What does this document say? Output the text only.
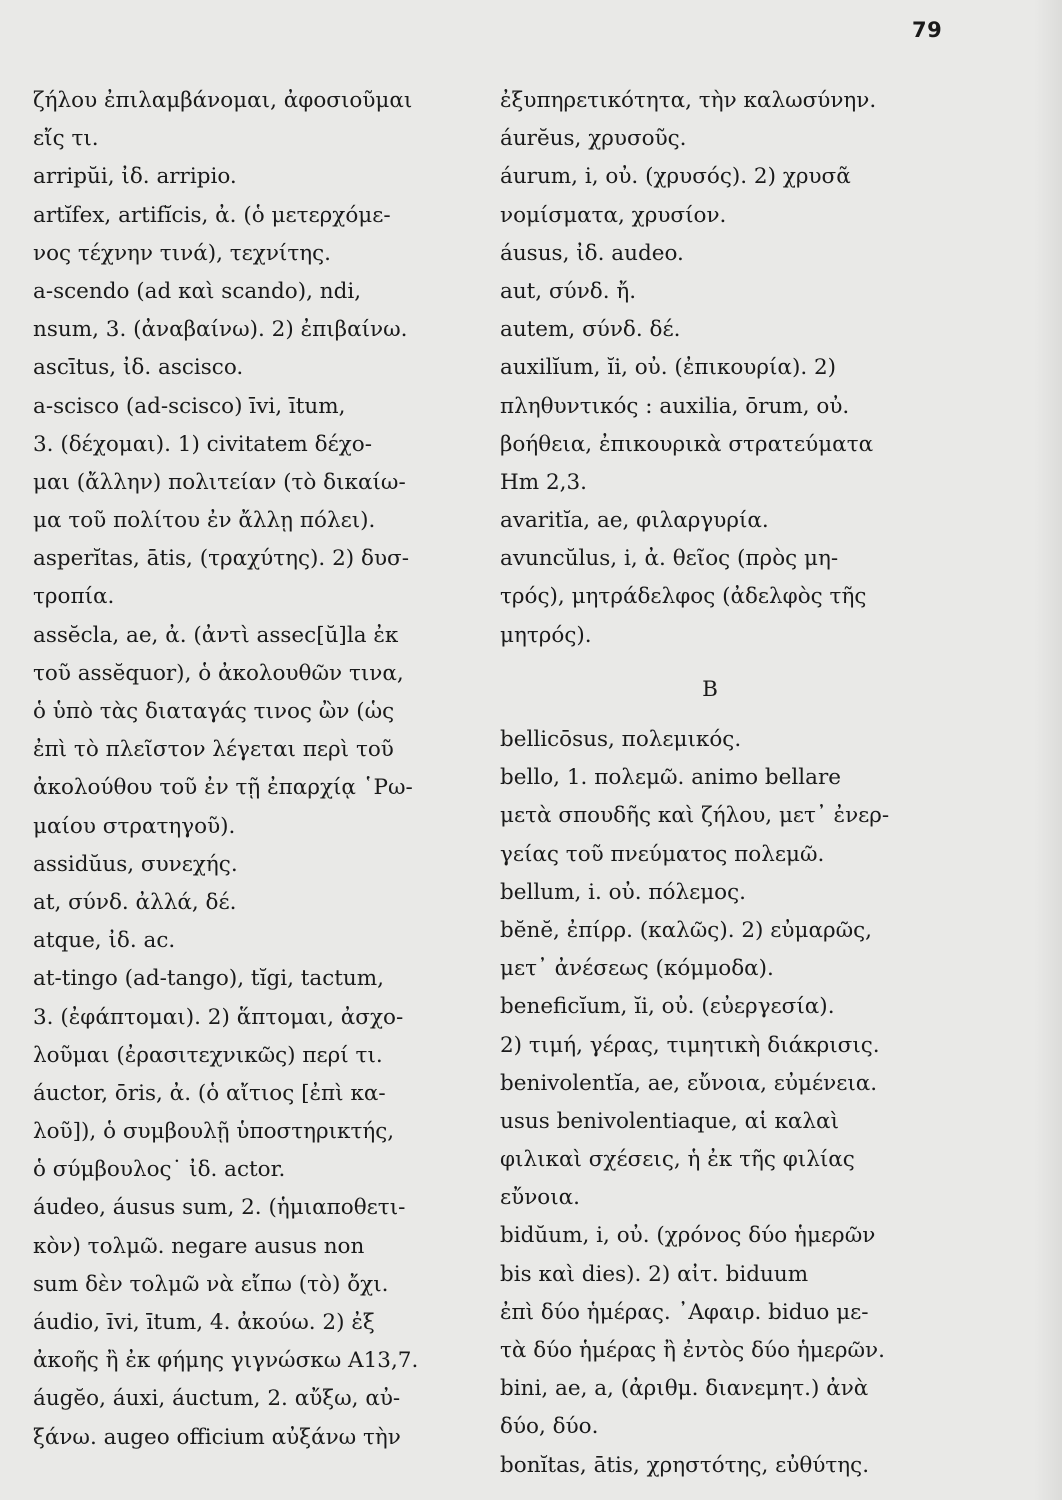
79
ζήλου ἐπιλαμβάνομαι, ἀφοσιοῦμαι
εἴς τι.
arripŭi, ἰδ. arripio.
artĭfex, artifĭcis, ἀ. (ὁ μετερχόμε-
νος τέχνην τινά), τεχνίτης.
a-scendo (ad καὶ scando), ndi,
nsum, 3. (ἀναβαίνω). 2) ἐπιβαίνω.
ascītus, ἰδ. ascisco.
a-scisco (ad-scisco) īvi, ītum,
3. (δέχομαι). 1) civitatem δέχο-
μαι (ἄλλην) πολιτείαν (τὸ δικαίω-
μα τοῦ πολίτου ἐν ἄλλῃ πόλει).
asperĭtas, ātis, (τραχύτης). 2) δυσ-
τροπία.
assĕcla, ae, ἀ. (ἀντὶ assec[ŭ]la ἐκ
τοῦ assĕquor), ὁ ἀκολουθῶν τινα,
ὁ ὑπὸ τὰς διαταγάς τινος ὢν (ὡς
ἐπὶ τὸ πλεῖστον λέγεται περὶ τοῦ
ἀκολούθου τοῦ ἐν τῇ ἐπαρχίᾳ ῾Ρω-
μαίου στρατηγοῦ).
assidŭus, συνεχής.
at, σύνδ. ἀλλά, δέ.
atque, ἰδ. ac.
at-tingo (ad-tango), tĭgi, tactum,
3. (ἐφάπτομαι). 2) ἅπτομαι, ἀσχο-
λοῦμαι (ἐρασιτεχνικῶς) περί τι.
áuctor, ōris, ἀ. (ὁ αἴτιος [ἐπὶ κα-
λοῦ]), ὁ συμβουλῇ ὑποστηρικτής,
ὁ σύμβουλος˙ ἰδ. actor.
áudeo, áusus sum, 2. (ἡμιαποθετι-
κὸν) τολμῶ. negare ausus non
sum δὲν τολμῶ νὰ εἴπω (τὸ) ὄχι.
áudio, īvi, ītum, 4. ἀκούω. 2) ἐξ
ἀκοῆς ἢ ἐκ φήμης γιγνώσκω A13,7.
áugĕo, áuxi, áuctum, 2. αὔξω, αὐ-
ξάνω. augeo officium αὐξάνω τὴν
ἐξυπηρετικότητα, τὴν καλωσύνην.
áurĕus, χρυσοῦς.
áurum, i, οὐ. (χρυσός). 2) χρυσᾶ
νομίσματα, χρυσίον.
áusus, ἰδ. audeo.
aut, σύνδ. ἤ.
autem, σύνδ. δέ.
auxilĭum, ĭi, οὐ. (ἐπικουρία). 2)
πληθυντικός : auxilia, ōrum, οὐ.
βοήθεια, ἐπικουρικὰ στρατεύματα
Hm 2,3.
avaritĭa, ae, φιλαργυρία.
avuncŭlus, i, ἀ. θεῖος (πρὸς μη-
τρός), μητράδελφος (ἀδελφὸς τῆς
μητρός).
B
bellicōsus, πολεμικός.
bello, 1. πολεμῶ. animo bellare
μετὰ σπουδῆς καὶ ζήλου, μετ᾿ ἐνερ-
γείας τοῦ πνεύματος πολεμῶ.
bellum, i. οὐ. πόλεμος.
bĕnĕ, ἐπίρρ. (καλῶς). 2) εὐμαρῶς,
μετ᾿ ἀνέσεως (κόμμοδα).
beneficĭum, ĭi, οὐ. (εὐεργεσία).
2) τιμή, γέρας, τιμητικὴ διάκρισις.
benivolentĭa, ae, εὔνοια, εὐμένεια.
usus benivolentiaque, αἱ καλαὶ
φιλικαὶ σχέσεις, ἡ ἐκ τῆς φιλίας
εὔνοια.
bidŭum, i, οὐ. (χρόνος δύο ἡμερῶν
bis καὶ dies). 2) αἰτ. biduum
ἐπὶ δύο ἡμέρας. ᾿Αφαιρ. biduo με-
τὰ δύο ἡμέρας ἢ ἐντὸς δύο ἡμερῶν.
bini, ae, a, (ἀριθμ. διανεμητ.) ἀνὰ
δύο, δύο.
bonĭtas, ātis, χρηστότης, εὐθύτης.
